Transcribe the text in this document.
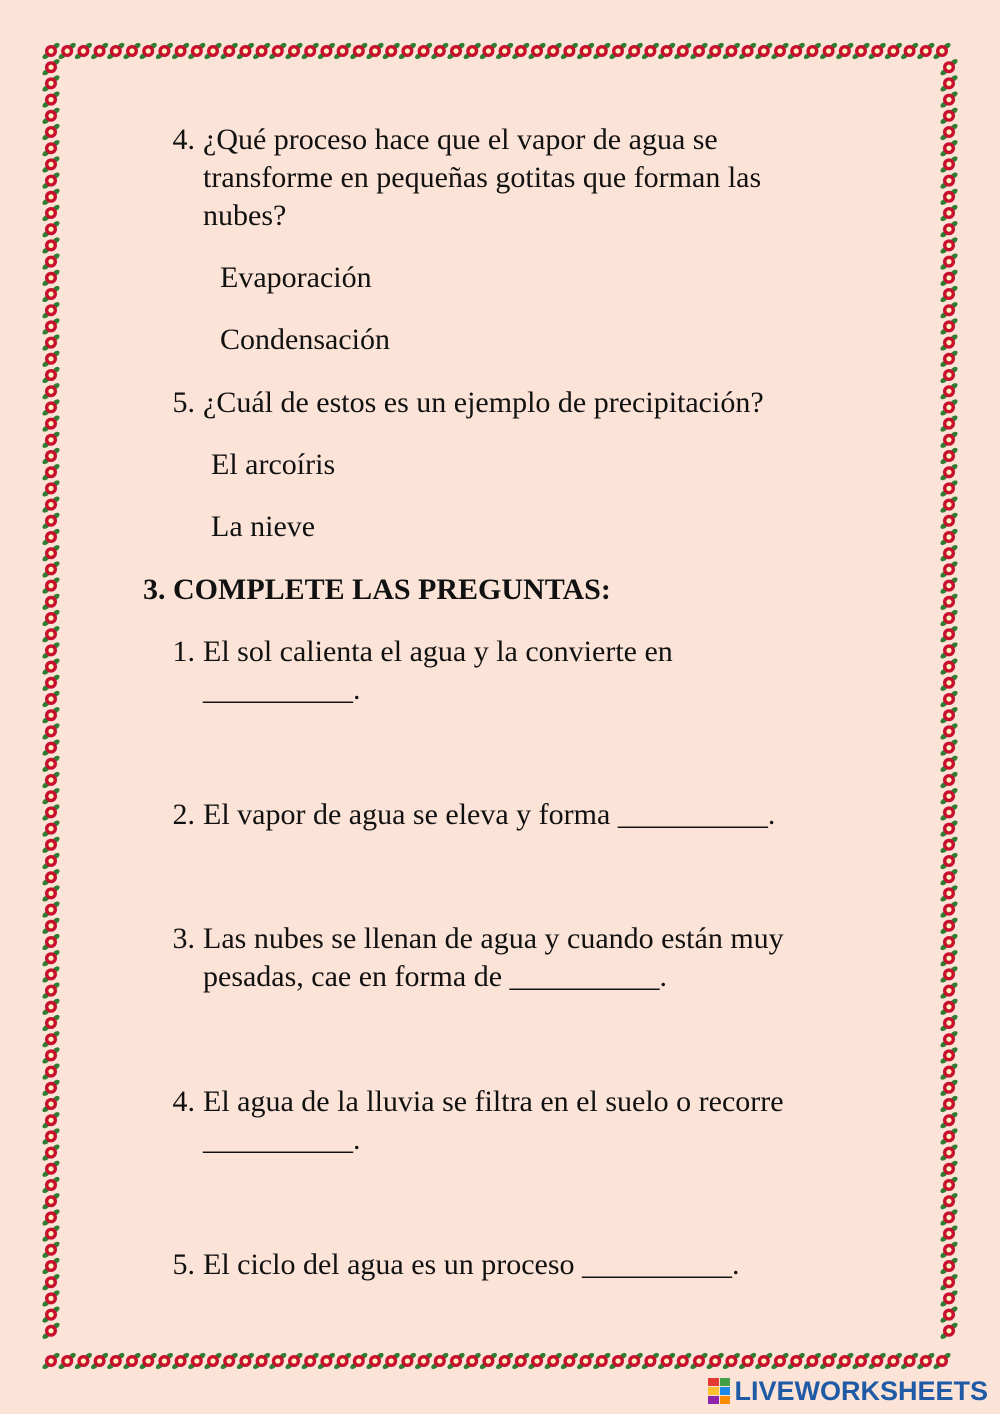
4. ¿Qué proceso hace que el vapor de agua se
transforme en pequeñas gotitas que forman las
nubes?
Evaporación
Condensación
5. ¿Cuál de estos es un ejemplo de precipitación?
El arcoíris
La nieve
3. COMPLETE LAS PREGUNTAS:
1. El sol calienta el agua y la convierte en
__________.
2. El vapor de agua se eleva y forma __________.
3. Las nubes se llenan de agua y cuando están muy
pesadas, cae en forma de __________.
4. El agua de la lluvia se filtra en el suelo o recorre
__________.
5. El ciclo del agua es un proceso __________.
LIVEWORKSHEETS
